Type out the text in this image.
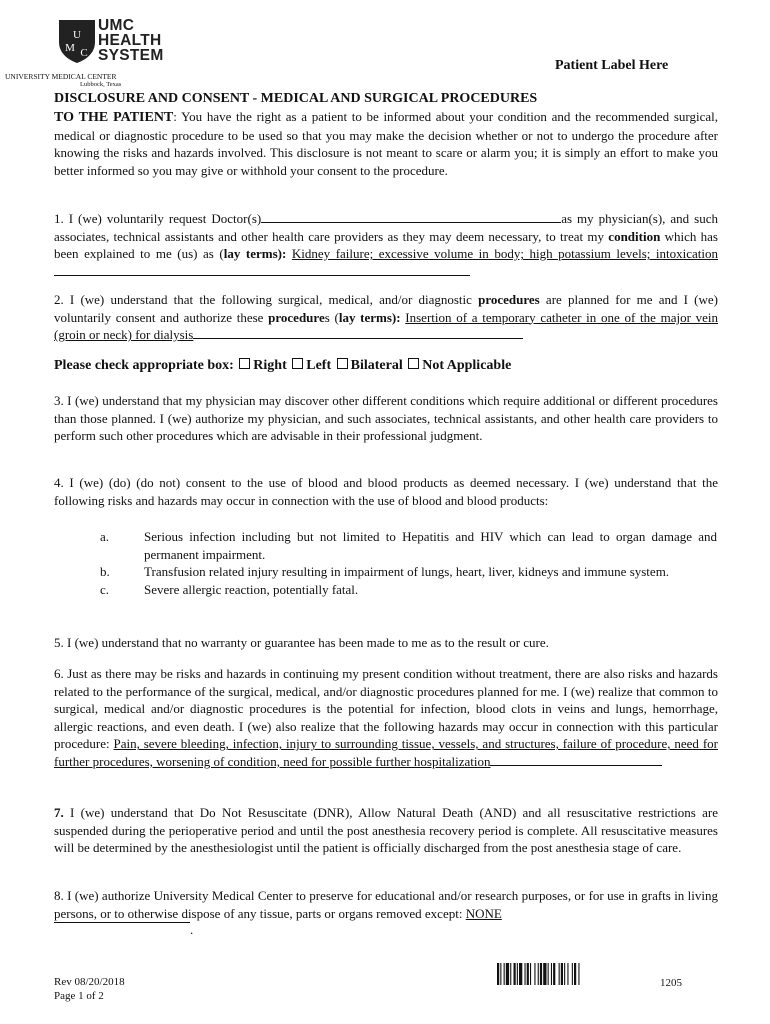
U
M C
UMC
HEALTH
SYSTEM
UNIVERSITY MEDICAL CENTER
Lubbock, Texas
Patient Label Here
DISCLOSURE AND CONSENT - MEDICAL AND SURGICAL PROCEDURES
TO THE PATIENT: You have the right as a patient to be informed about your condition and the recommended surgical, medical or diagnostic procedure to be used so that you may make the decision whether or not to undergo the procedure after knowing the risks and hazards involved. This disclosure is not meant to scare or alarm you; it is simply an effort to make you better informed so you may give or withhold your consent to the procedure.
1. I (we) voluntarily request Doctor(s)	as my physician(s), and such associates, technical assistants and other health care providers as they may deem necessary, to treat my condition which has been explained to me (us) as (lay terms): Kidney failure; excessive volume in body; high potassium levels; intoxication
2. I (we) understand that the following surgical, medical, and/or diagnostic procedures are planned for me and I (we) voluntarily consent and authorize these procedures (lay terms): Insertion of a temporary catheter in one of the major vein (groin or neck) for dialysis
Please check appropriate box: Right Left Bilateral Not Applicable
3. I (we) understand that my physician may discover other different conditions which require additional or different procedures than those planned. I (we) authorize my physician, and such associates, technical assistants, and other health care providers to perform such other procedures which are advisable in their professional judgment.
4. I (we) (do) (do not) consent to the use of blood and blood products as deemed necessary. I (we) understand that the following risks and hazards may occur in connection with the use of blood and blood products:
a.	Serious infection including but not limited to Hepatitis and HIV which can lead to organ damage and permanent impairment.
b.	Transfusion related injury resulting in impairment of lungs, heart, liver, kidneys and immune system.
c.	Severe allergic reaction, potentially fatal.
5. I (we) understand that no warranty or guarantee has been made to me as to the result or cure.
6. Just as there may be risks and hazards in continuing my present condition without treatment, there are also risks and hazards related to the performance of the surgical, medical, and/or diagnostic procedures planned for me. I (we) realize that common to surgical, medical and/or diagnostic procedures is the potential for infection, blood clots in veins and lungs, hemorrhage, allergic reactions, and even death. I (we) also realize that the following hazards may occur in connection with this particular procedure: Pain, severe bleeding, infection, injury to surrounding tissue, vessels, and structures, failure of procedure, need for further procedures, worsening of condition, need for possible further hospitalization
7. I (we) understand that Do Not Resuscitate (DNR), Allow Natural Death (AND) and all resuscitative restrictions are suspended during the perioperative period and until the post anesthesia recovery period is complete. All resuscitative measures will be determined by the anesthesiologist until the patient is officially discharged from the post anesthesia stage of care.
8. I (we) authorize University Medical Center to preserve for educational and/or research purposes, or for use in grafts in living persons, or to otherwise dispose of any tissue, parts or organs removed except: NONE
.
Rev 08/20/2018
Page 1 of 2
1205
